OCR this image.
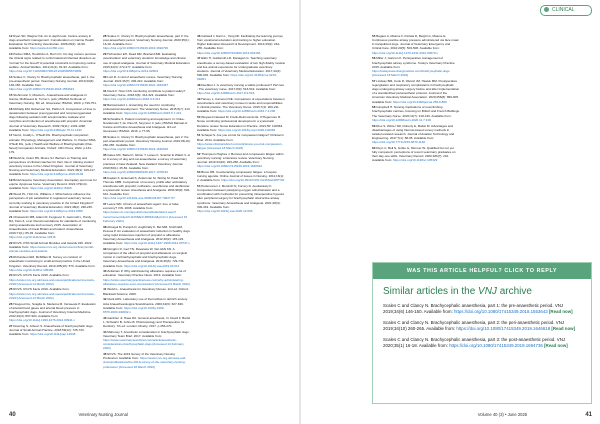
12 Ryan SD, Wagner KE. An in-depth look: Canine anxiety in dogs anesthetic management. Consideration on Canine Health Evaluation for Practicing Veterinarian. 2006;28(1): 44-56. Available from: https://www.dvm360.com

13 Packer RMA, Hendricks A, Burn CC. Do dog owners perceive the clinical signs related to conformational inherited disorders as 'normal' for the breed? A potential constraint to improving canine welfare. Animal Welfare. 2012;21(1): 81-93. Available from: https://doi.org/10.7120/096272812X13345905673809

14 Scales C, Clancy N. Brachycephalic anaesthesia, part 1: the pre-anaesthetic period. Veterinary Nursing Journal. 2019;34(6): 146-150. Available from: https://doi.org/10.1080/17415349.2018.1553643

15 Stuhrmann V, Mouttet L. Anaesthesia and analgesia in: Garcia, Mullineaux E, Turner L (eds.) BSAVA Textbook of Veterinary Nursing. 6th ed. Gloucester: BSAVA; 2020. p.729-751.

16 McNally EM, Robertson SA, Pablo LS. Comparison of time to desaturation between preoxygenated and nonpreoxygenated dogs following sedation with acepromazine maleate and morphine and induction of anesthesia with propofol. American Journal of Veterinary Research. 2009;70(11): 1333-1338. Available from: https://doi.org/10.2460/ajvr.70.11.1333

17 Neil A, Cuddy L, O'Neill DG. Brachycephalic companion animals: Physiology, Management and Welfare. In: Packer RMA, O'Neill DG, (eds.) Health and Welfare of Brachycephalic (Flat-faced) Companion Animals. Oxford: CRC Press; 2022. p.161-179.

18 Welsh E, Grant RS, Moore SJ. Barriers to Training and perspectives of clinical coaches for their role in training student veterinary nurses in the United Kingdom. Journal of Veterinary Nursing and Veterinary Medical Education. 2021;48(1): 106-117. Available from: https://doi.org/10.3138/jvme-2020-0109

19 British Equine Veterinary Association. Exemplary post note for equine dyspnoea horse. Veterinary Record. 2021;179(14). Available from: https://doi.org/10.1136/vr.i5489

20 Wood PL, Holt CG, Williams J. What factors influence the perceptions of job satisfaction in registered veterinary nurses currently working in veterinary practice in the United Kingdom? Journal of Veterinary Medical Education. 2021;48(2): 238-245. Available from: https://doi.org/10.3138/jvme.2019.0050

21 Chiavaccini MB, Adami R, Ferguson K, Gemmell L, Hardy RA, Klein Z, et al. Recommendations for standards of monitoring during anaesthesia and recovery 2015. Association of Anaesthetists of Great Britain and Ireland. Anaesthesia. 2016;71(1): 85-93. Available from: https://doi.org/10.1111/anae.13316

22 RCVS. PSS Small Animal Modules and Awards 320. 2022. Available from: https://www.rcvs.org.uk/document-library/small-animal-modules-and-awards

23 Richardson EM, McMillan M. Survey on conduct of anaesthetic monitoring in small animal practice in the United Kingdom. Veterinary Record. 2019;185(18): 570. Available from: https://doi.org/10.1136/vr.105486

24 RCVS. RCVS Facts 2018. Available from: https://www.rcvs.org.uk/news-and-views/publications/rcvs-facts-2018/ [Accessed 14 March 2022]

25 RCVS. RCVS Facts 2019. Available from: https://www.rcvs.org.uk/news-and-views/publications/rcvs-facts-2019/ [Accessed 14 March 2022]

26 Hosgood GL, Scaglia G, Medema M, Verweede P. Evaluation of arterial blood gases and arterial blood pressure in brachycephalic dogs. Journal of Veterinary Internal Medicine. 2012;26(4): 897-904. Available from: https://doi.org/10.1111/j.1939-1676.2012.00941.x

27 Downing S, Gibson S. Anaesthesia of brachycephalic dogs. Journal of Small Animal Practice. 2018;59(12): 725-733. Available from: https://doi.org/10.1111/jsap.12948

28 Scales C, Clancy N. Brachycephalic anaesthesia, part 3: the post-anaesthetic period. Veterinary Nursing Journal. 2020;35(1): 16-18. Available from: https://doi.org/10.1080/17415349.2019.1694736

29 Hofmeister EH, Read MR, Brainard BM. Evaluating veterinarians' and veterinary students' knowledge and clinical use of opioid analgesia. Journal of Veterinary Medical Education. 2015;42(3): 272-277. Available from: https://doi.org/10.3138/jvme.0214-026R1

30 Lutz R. A visit of anaesthetic nurses. Veterinary Nursing Journal. 2021;36(7): 206-210. Available from: https://doi.org/10.1080/17415349.2021.1923497

31 Fleck F. How CCS monitoring contribute to patient safety? Veterinary Nurse. 2018;9(6): 314-323. Available from: https://doi.org/10.12968/vetn.2018.9.6.314

32 Bartoszewicz L. Extending the need for continuing professional development. The Veterinary Nurse. 2015;6(7): 413. Available from: https://doi.org/10.12968/vetn.2015.6.7.413

33 Schwalbe S. Patient monitoring and equipment. In: Duke-Novakovski T, de Vries M, Seymour C (eds.) BSAVA Manual of Canine and Feline Anaesthesia and Analgesia. 3rd ed. Gloucester: BSAVA; 2016. p.77-96.

34 Scales C, Clancy N. Brachycephalic anaesthesia, part 2: the peri-anaesthetic period. Veterinary Nursing Journal. 2019;34(10): 260-265. Available from: https://doi.org/10.1080/17415349.2019.1646618

35 Gates MC, Bartel K, Ebner T, Lanes K, Scanlon E Walsh V, et al. A survey of dog and cat anaesthesia: a survey of veterinary practices in New Zealand. New Zealand Veterinary Journal. 2018;66(1): 45-52. Available from: https://doi.org/10.1080/00480169.2017.1378132

36 Kaplan K, Eckersall S, Zetterman M, Tarling M, Patel MJ. Thomas CBB. Comparison of recovery profile after ambulatory anesthesia with propofol, isoflurane, sevoflurane and desflurane: a systematic review. Anesthesia and Analgesia. 2004;98(3): 632-641. Available from: https://doi.org/10.1213/01.ane.0000103187.70627.57

37 Leece WD. Choice of anaesthetic agent: true or false economy? VIN. 2008. Available from: https://www.vin.com/apputil/content/defaultadv1.aspx?meta=Generic&pId=11268&id=3866413&print=1 [Accessed 15 February 2022]

38 Almagul M, Pamjeb D, Augthindly K, Bel MM, Smith EM, Pessoa P. An evaluation of anaesthetic induction in healthy dogs using rapid intravenous injection of propofol or alfaxalone. Veterinary Anaesthesia and Analgesia. 2012;40(2): 115-123. Available from: https://doi.org/10.1111/j.1467-2995.2012.00747.x

39 Nongrim D, Gerl TN, Ravaneta W, Van Abbi KD. A comparison of the effect of propofol and alfaxalone on surgical motion in conbrachycephalic and brachycephalic dogs. Veterinary Anaesthesia and Analgesia. 2019;46(6): 729-736. Available from: https://doi.org/10.1016/j.vaa.2019.04.012

40 Zetlaman P. Why administering alfaxalone requires a lot of education. Veterinary Practice News. 2014. Available from: https://www.veterinarypracticenews.com/why-administering-alfaxalone-requires-a-lot-of-education/ [Accessed 9 March 2022]

41 Welsh L. Anaesthesia for Veterinary Nurses. 2nd ed. Oxford: Blackwell Science; 2009.

42 Clark AWL. Laboratory use of thermoflow in dehrich anxiety. Acta Anaesthesiologica Scandinavica. 2000;44(6): 627-639. Available from: https://doi.org/10.1034/j.1399-6576.2000.440602.x

43 Gardiner Jr, Haas DA. General anesthesia. In: Dowd F, Bartel L, Schwartz B, Johns B. Pharmacology and Therapeutics for Dentistry. 7th ed. London: Mosby; 2017. p.256-270.

44 Mahoney T. Anesthetic consideration in brachycephalic dogs. Veterinary Team Brief. 2017. Available from: https://www.veterinaryteambrief.com/article/anesthetic-considerations-brachycephalic-dogs [Accessed 14 February 2022]

45 RCVS. The 2019 Survey of the Veterinary Nursing Profession. Available from: https://www.rcvs.org.uk/news-and-views/publications/the-2019-survey-of-the-veterinary-nursing-profession/ [Accessed 18 March 2022]

46 Cattwell J, Dann L, Yang DF. Facilitating the learning journey from vocational education and training to higher education. Higher Education Research & Development. 2014;33(2): 242-255. Available from: https://doi.org/10.1080/07294360.2013.832156

47 Elkin H, Goldsmith LR, Flanagan G. Teaching veterinary anesthesia: a survey-based evaluation of two high-fidelity models and live animal experience for undergraduate veterinary students. Journal of Veterinary Medical Education. 2017;44(4): 596-602. Available from: https://doi.org/10.3138/jvme.0216-040R1

48 Deebbel J. Is veterinary nursing a viable profession? Part two - The veterinary nurse. 2017;8(9): 516-519. Available from: https://doi.org/10.12968/vetn.2017.8.9.516

49 Harvey L, Cameron RE. Comparison of expectations between veterinarians and veterinary nurses in tasks and responsibilities in clinical practice. The Veterinary Nurse. 2016;7(4): 200-211. Available from: https://doi.org/10.12968/vetn.2016.7.4.200

50 Weyaert-Catuaud M, Frank-Reinmondo IE, O'Hogemore R. Nurse continuing professional development: a systematic literature review. Nurse Education in Practice. 2021;50: 102963. Available from: https://doi.org/10.1016/j.nepr.2020.102963

51 Schapel S. Are you at risk for compassion fatigue? Clinician's Brief. 2014. Available from: https://www.cliniciansbrief.com/article/are-you-risk-compassion-fatigue [Accessed 18 March 2022]

52 Thompson-Hughes J. Burnout and compassion fatigue within veterinary nursing: a literature review. Veterinary Nursing Journal. 2019;34(10): 266-268. Available from: https://doi.org/10.1080/17415349.2019.1646622

53 Bruce DB. Counteracting compassion fatigue: a hospice nursing agenda. Online Journal of Issues in Nursing. 2011;16(1): 2. Available from: https://doi.org/10.3912/OJIN.Vol16No01PPT02

54 Pettersonen J, Mursinih N, Forrery D, Austlwukely K. Comparison between paralysing oxygen administration and a combination with methodist for preventing intraoperative hypoxia after peripheral surgery for brachycephalic obstructive airway syndrome. Veterinary Anaesthesia and Analgesia. 2021;48(3): 309-319. Available from: https://doi.org/10.1016/j.vaa.2020.12.006

40	Veterinary Nursing Journal
CLINICAL

55 Bégaré A, Malone F, Perlata D, Beight G, Malone E. Continuous positive airway pressure administered via face mask in tranquilized dogs. Journal of Veterinary Emergency and Critical Care. 2010;20(5): 503-508. Available from: https://doi.org/10.1111/j.1476-4431.2010.00579.x

56 Miller J, Gannon K. Perioperative management of brachycephalic airway syndrome. Today's Veterinary Practice. 2015. Available from: https://todaysveterinarypractice.com/brachycephalic-dogs [Accessed 18 March 2022]

57 Lindsay BM, Cook D, Wetzel JM, Hasiuk MM. Postoperative regurgitation and respiratory complications in brachycephalic dogs undergoing airway surgery before and after implementation of a standardized perianesthetic protocol. Journal of the American Veterinary Medical Association. 2020;256(8): 899-905. Available from: https://doi.org/10.2460/javma.256.8.899

58 Campbell H. Nursing implications of overclimbing brachycephalic canines, focusing on British and French Bulldogs. The Veterinary Nurse. 2020;11(7): 318-319. Available from: https://doi.org/10.12968/vetn.2020.11.7.318

59 Rios S, Winter SR, Doherty E, Mabel M. Advantages and disadvantages of using Internet-based survey methods in aviation-related research. Journal of Aviation Technology and Engineering. 2017;7(1): 58-65. Available from: https://doi.org/10.7771/2159-6670.1160

60 Duyn C, Bell N, Gultie G, Nimmer W. Qualified but not yet fully competent: perceptions of recent veterinary graduates on their day-one skills. Veterinary Record. 2020;186(7): 216. Available from: https://doi.org/10.1136/vr.105329

Volume 40 (3) • June 2025	41
WAS THIS ARTICLE HELPFUL? CLICK TO REPLY
Similar articles in the VNJ archive
Scales C and Clancy N. Brachycephalic anaesthesia, part 1: the pre-anaesthetic period. VNJ 2019;34(6) 146-150. Available from: https://doi.org/10.1080/17415349.2018.1553643 [Read now]
Scales C and Clancy N. Brachycephalic anaesthesia, part 2: the peri-anaesthetic period. VNJ 2019;34(10) 260-265. Available from: https://doi.org/10.1080/17415349.2019.1646618 [Read now]
Scales C and Clancy N. Brachycephalic anaesthesia, part 3: the post-anaesthetic period. VNJ 2020;35(1) 16-18. Available from: https://doi.org/10.1080/17415349.2019.1694736 [Read now]
